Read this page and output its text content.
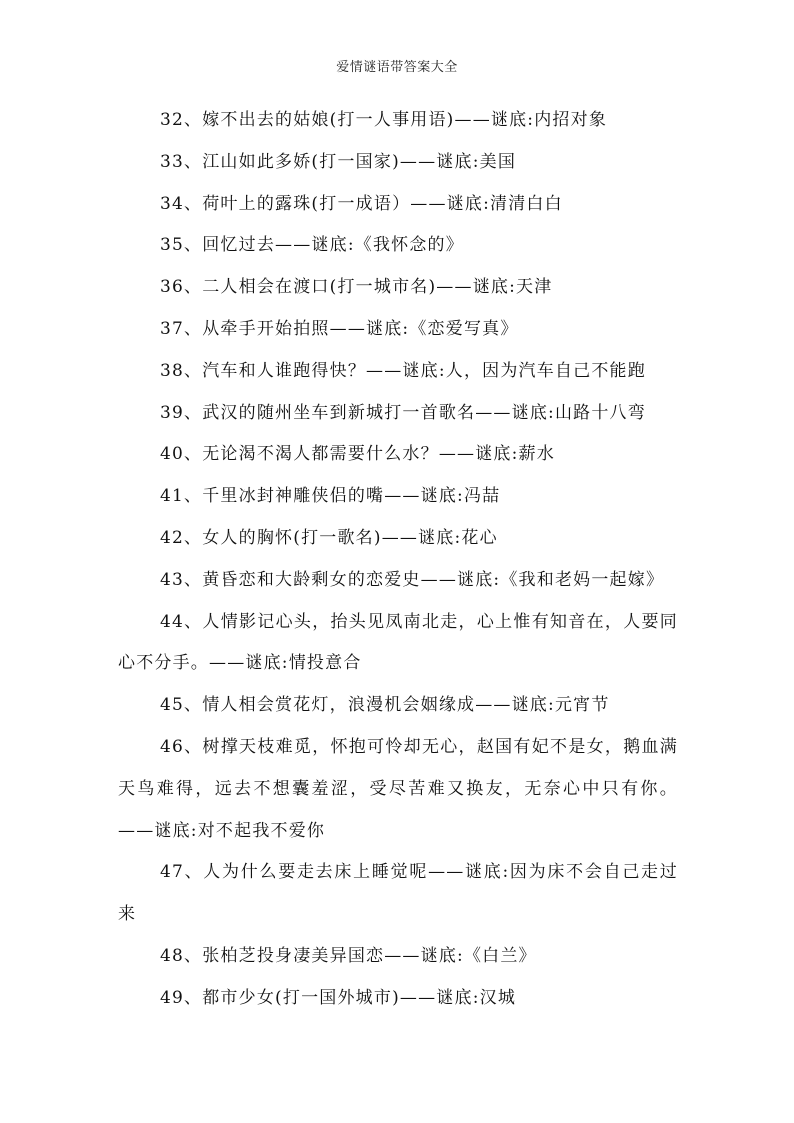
爱情谜语带答案大全

32、嫁不出去的姑娘(打一人事用语)——谜底:内招对象

33、江山如此多娇(打一国家)——谜底:美国

34、荷叶上的露珠(打一成语）——谜底:清清白白

35、回忆过去——谜底:《我怀念的》

36、二人相会在渡口(打一城市名)——谜底:天津

37、从牵手开始拍照——谜底:《恋爱写真》

38、汽车和人谁跑得快？——谜底:人，因为汽车自己不能跑

39、武汉的随州坐车到新城打一首歌名——谜底:山路十八弯

40、无论渴不渴人都需要什么水？——谜底:薪水

41、千里冰封神雕侠侣的嘴——谜底:冯喆

42、女人的胸怀(打一歌名)——谜底:花心

43、黄昏恋和大龄剩女的恋爱史——谜底:《我和老妈一起嫁》

44、人情影记心头，抬头见凤南北走，心上惟有知音在，人要同心不分手。——谜底:情投意合

45、情人相会赏花灯，浪漫机会姻缘成——谜底:元宵节

46、树撑天枝难觅，怀抱可怜却无心，赵国有妃不是女，鹅血满天鸟难得，远去不想囊羞涩，受尽苦难又换友，无奈心中只有你。——谜底:对不起我不爱你

47、人为什么要走去床上睡觉呢——谜底:因为床不会自己走过来

48、张柏芝投身凄美异国恋——谜底:《白兰》

49、都市少女(打一国外城市)——谜底:汉城
